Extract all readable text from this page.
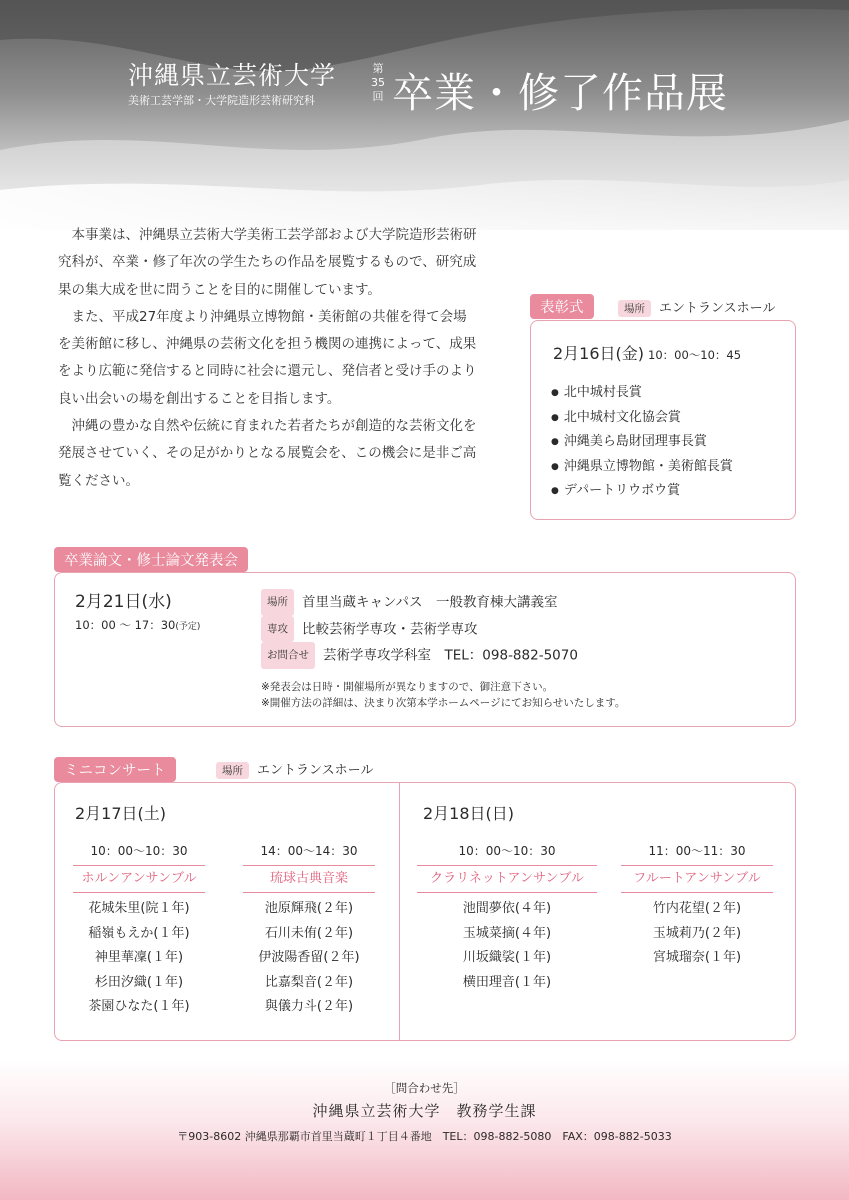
沖縄県立芸術大学
美術工芸学部・大学院造形芸術研究科
第35回 卒業・修了作品展

本事業は、沖縄県立芸術大学美術工芸学部および大学院造形芸術研究科が、卒業・修了年次の学生たちの作品を展覧するもので、研究成果の集大成を世に問うことを目的に開催しています。

また、平成27年度より沖縄県立博物館・美術館の共催を得て会場を美術館に移し、沖縄県の芸術文化を担う機関の連携によって、成果をより広範に発信すると同時に社会に還元し、発信者と受け手のより良い出会いの場を創出することを目指します。

沖縄の豊かな自然や伝統に育まれた若者たちが創造的な芸術文化を発展させていく、その足がかりとなる展覧会を、この機会に是非ご高覧ください。

表彰式	場所 エントランスホール
2月16日(金) 10：00〜10：45
● 北中城村長賞
● 北中城村文化協会賞
● 沖縄美ら島財団理事長賞
● 沖縄県立博物館・美術館長賞
● デパートリウボウ賞
卒業論文・修士論文発表会
2月21日(水)
10：00 〜 17：30(予定)
場所 首里当蔵キャンパス　一般教育棟大講義室
専攻 比較芸術学専攻・芸術学専攻
お問合せ 芸術学専攻学科室　TEL：098-882-5070
※発表会は日時・開催場所が異なりますので、御注意下さい。
※開催方法の詳細は、決まり次第本学ホームページにてお知らせいたします。
ミニコンサート	場所 エントランスホール
2月17日(土)
10：00〜10：30
ホルンアンサンブル
花城朱里(院１年)
稲嶺もえか(１年)
神里華凜(１年)
杉田汐織(１年)
茶園ひなた(１年)
14：00〜14：30
琉球古典音楽
池原輝飛(２年)
石川未侑(２年)
伊波陽香留(２年)
比嘉梨音(２年)
與儀力斗(２年)
2月18日(日)
10：00〜10：30
クラリネットアンサンブル
池間夢依(４年)
玉城菜摘(４年)
川坂織裟(１年)
横田理音(１年)
11：00〜11：30
フルートアンサンブル
竹内花望(２年)
玉城莉乃(２年)
宮城瑠奈(１年)
［問合わせ先］
沖縄県立芸術大学　教務学生課
〒903-8602 沖縄県那覇市首里当蔵町１丁目４番地　TEL：098-882-5080　FAX：098-882-5033
